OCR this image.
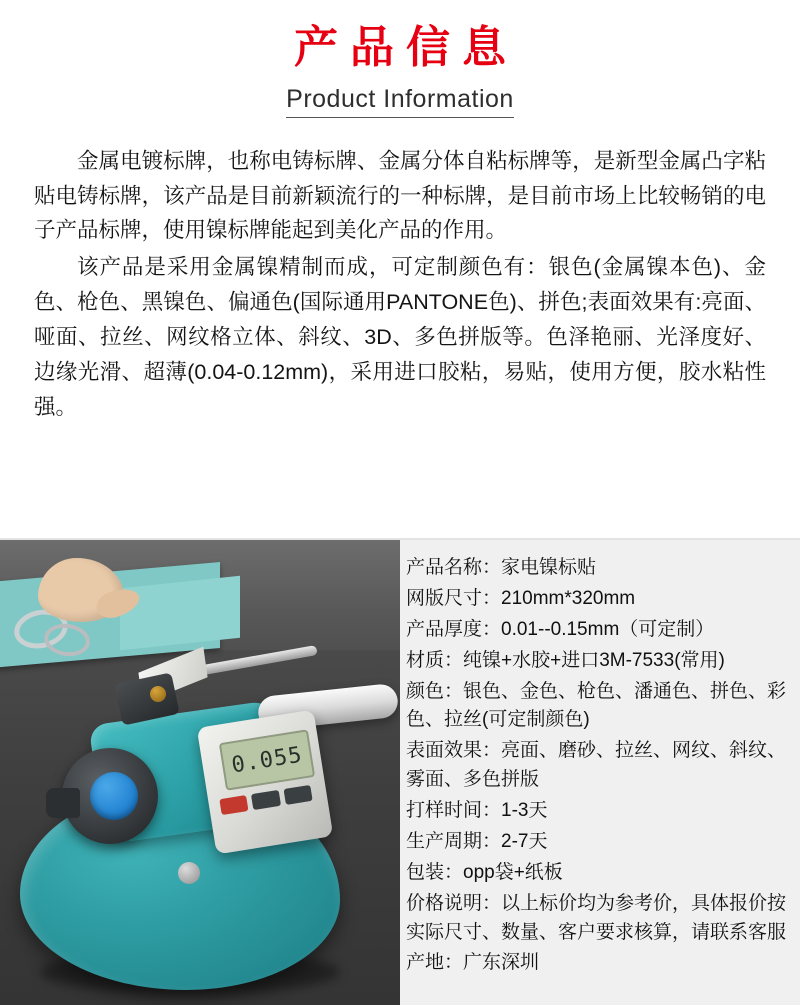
产品信息
Product Information

金属电镀标牌，也称电铸标牌、金属分体自粘标牌等，是新型金属凸字粘贴电铸标牌，该产品是目前新颖流行的一种标牌，是目前市场上比较畅销的电子产品标牌，使用镍标牌能起到美化产品的作用。

该产品是采用金属镍精制而成，可定制颜色有：银色(金属镍本色)、金色、枪色、黑镍色、偏通色(国际通用PANTONE色)、拼色;表面效果有:亮面、哑面、拉丝、网纹格立体、斜纹、3D、多色拼版等。色泽艳丽、光泽度好、边缘光滑、超薄(0.04-0.12mm)，采用进口胶粘，易贴，使用方便，胶水粘性强。

0.055
产品名称：家电镍标贴
网版尺寸：210mm*320mm
产品厚度：0.01--0.15mm（可定制）
材质：纯镍+水胶+进口3M-7533(常用)
颜色：银色、金色、枪色、潘通色、拼色、彩色、拉丝(可定制颜色)
表面效果：亮面、磨砂、拉丝、网纹、斜纹、雾面、多色拼版
打样时间：1-3天
生产周期：2-7天
包装：opp袋+纸板
价格说明：以上标价均为参考价，具体报价按实际尺寸、数量、客户要求核算，请联系客服
产地：广东深圳
